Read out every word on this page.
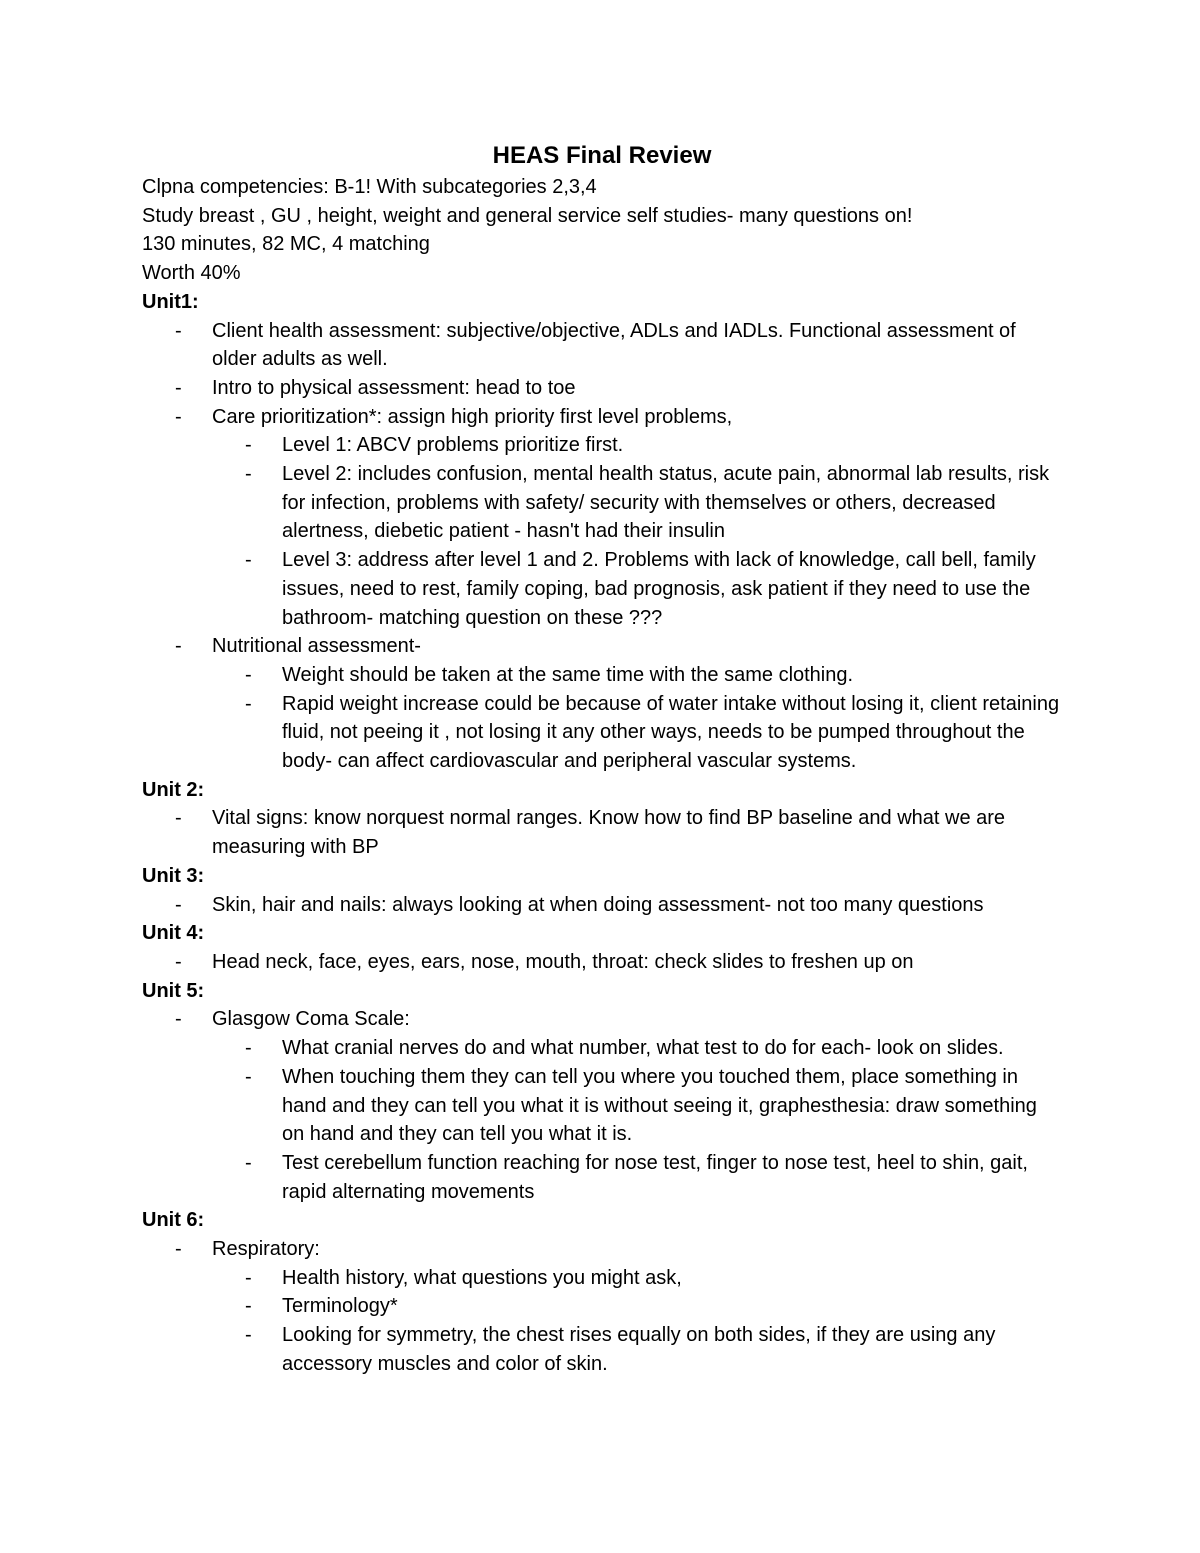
HEAS Final Review

Clpna competencies: B-1! With subcategories 2,3,4

Study breast , GU , height, weight and general service self studies- many questions on!

130 minutes, 82 MC, 4 matching

Worth 40%

Unit1:

- Client health assessment: subjective/objective, ADLs and IADLs. Functional assessment of older adults as well.
- Intro to physical assessment: head to toe
- Care prioritization*: assign high priority first level problems,
- Level 1: ABCV problems prioritize first.
- Level 2: includes confusion, mental health status, acute pain, abnormal lab results, risk for infection, problems with safety/ security with themselves or others, decreased alertness, diebetic patient - hasn't had their insulin
- Level 3: address after level 1 and 2. Problems with lack of knowledge, call bell, family issues, need to rest, family coping, bad prognosis, ask patient if they need to use the bathroom- matching question on these ???
- Nutritional assessment-
- Weight should be taken at the same time with the same clothing.
- Rapid weight increase could be because of water intake without losing it, client retaining fluid, not peeing it , not losing it any other ways, needs to be pumped throughout the body- can affect cardiovascular and peripheral vascular systems.

Unit 2:

- Vital signs: know norquest normal ranges. Know how to find BP baseline and what we are measuring with BP

Unit 3:

- Skin, hair and nails: always looking at when doing assessment- not too many questions

Unit 4:

- Head neck, face, eyes, ears, nose, mouth, throat: check slides to freshen up on

Unit 5:

- Glasgow Coma Scale:
- What cranial nerves do and what number, what test to do for each- look on slides.
- When touching them they can tell you where you touched them, place something in hand and they can tell you what it is without seeing it, graphesthesia: draw something on hand and they can tell you what it is.
- Test cerebellum function reaching for nose test, finger to nose test, heel to shin, gait, rapid alternating movements

Unit 6:

- Respiratory:
- Health history, what questions you might ask,
- Terminology*
- Looking for symmetry, the chest rises equally on both sides, if they are using any accessory muscles and color of skin.
